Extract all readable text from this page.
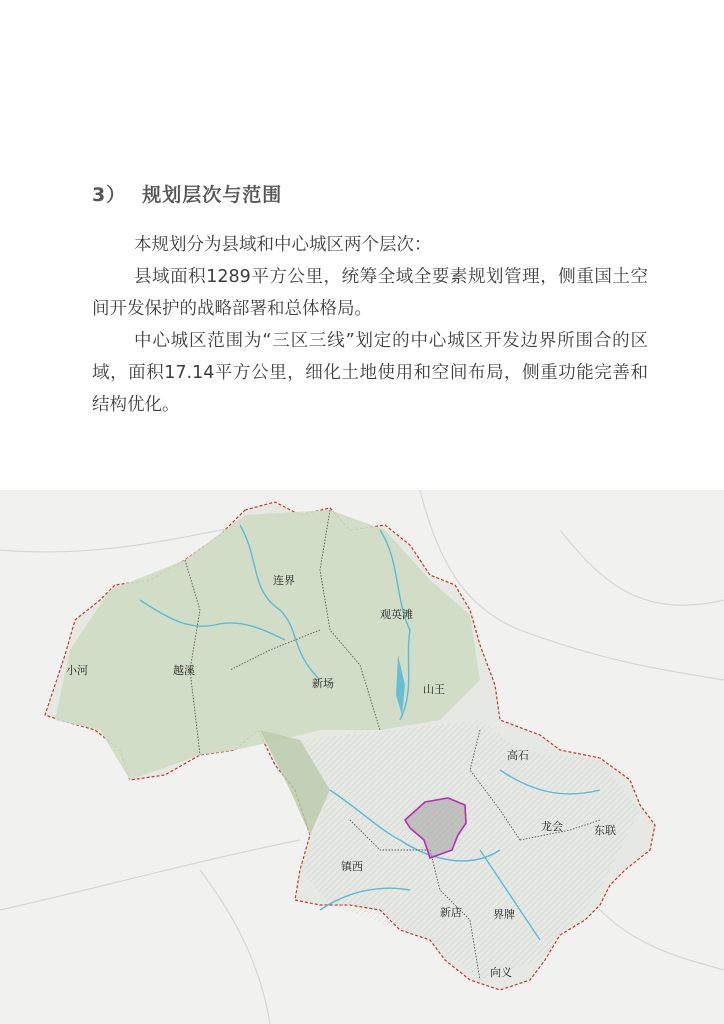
3） 规划层次与范围
本规划分为县域和中心城区两个层次：
县域面积1289平方公里，统筹全域全要素规划管理，侧重国土空间开发保护的战略部署和总体格局。
中心城区范围为“三区三线”划定的中心城区开发边界所围合的区域，面积17.14平方公里，细化土地使用和空间布局，侧重功能完善和结构优化。
连界
观英滩
小河	越溪
新场	山王
高石
龙会	东联
镇西
新店	界牌
向义
